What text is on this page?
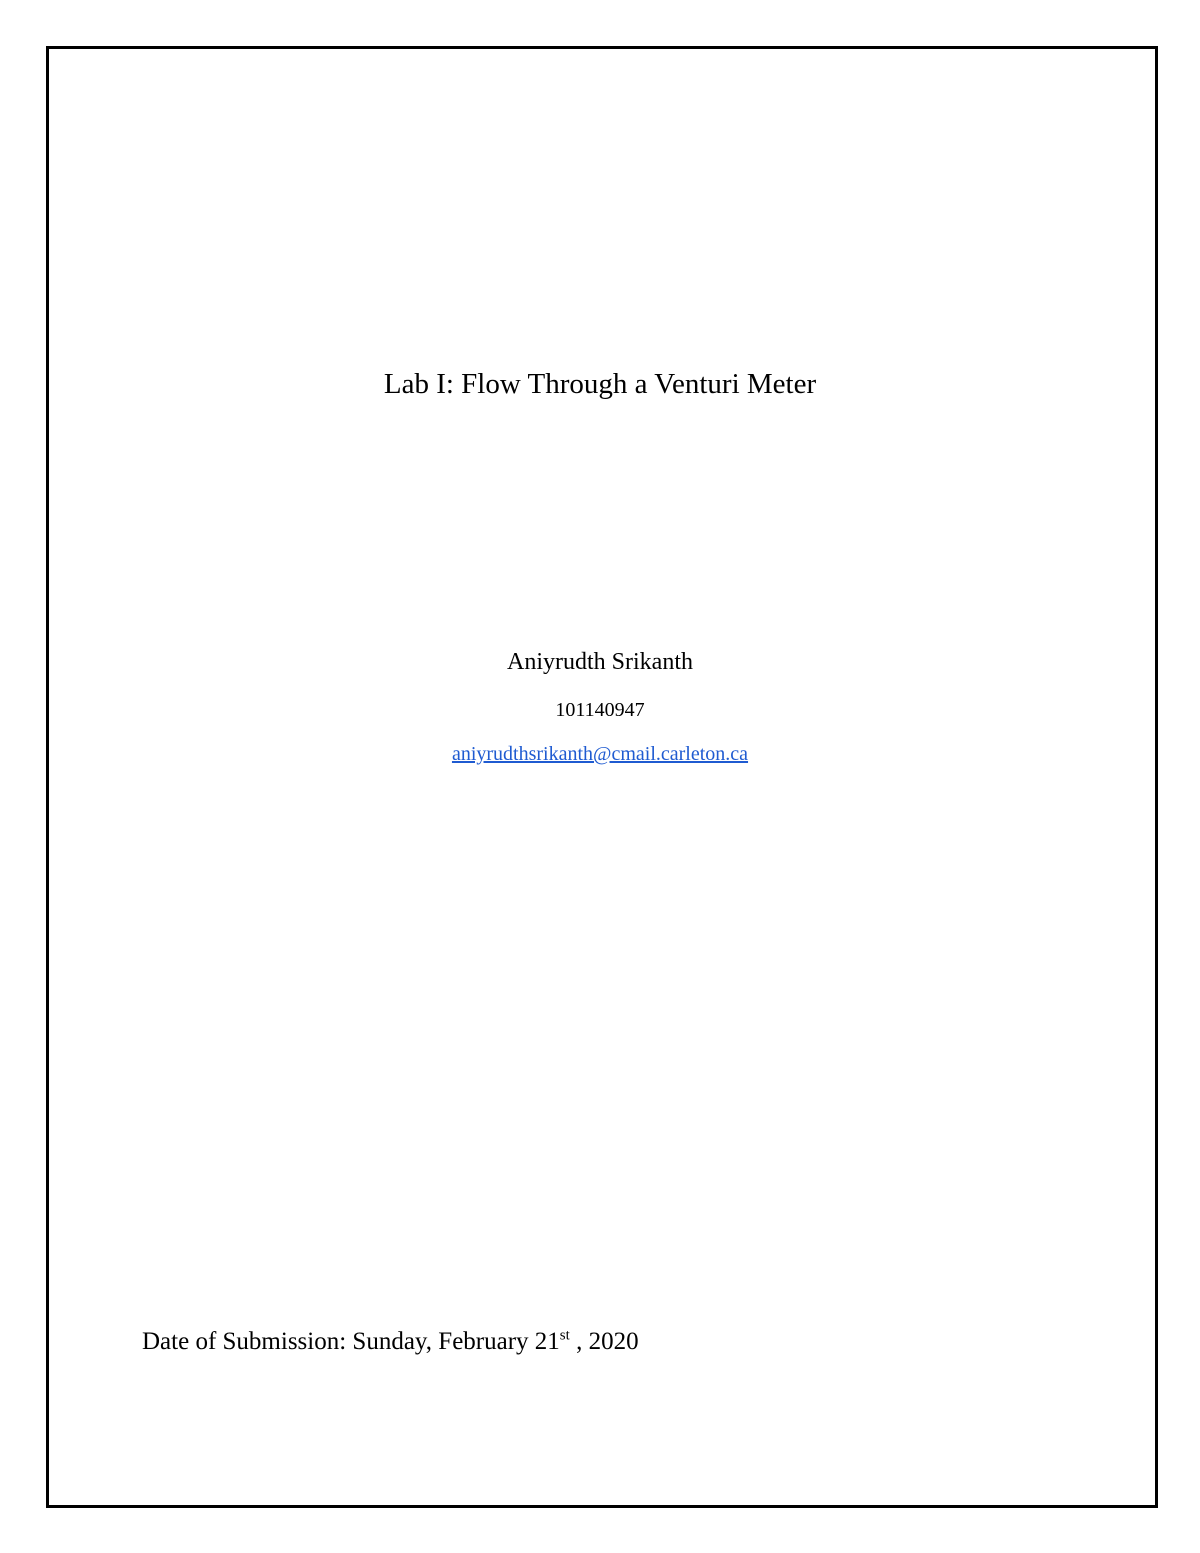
Lab I: Flow Through a Venturi Meter
Aniyrudth Srikanth
101140947
aniyrudthsrikanth@cmail.carleton.ca
Date of Submission: Sunday, February 21st , 2020
